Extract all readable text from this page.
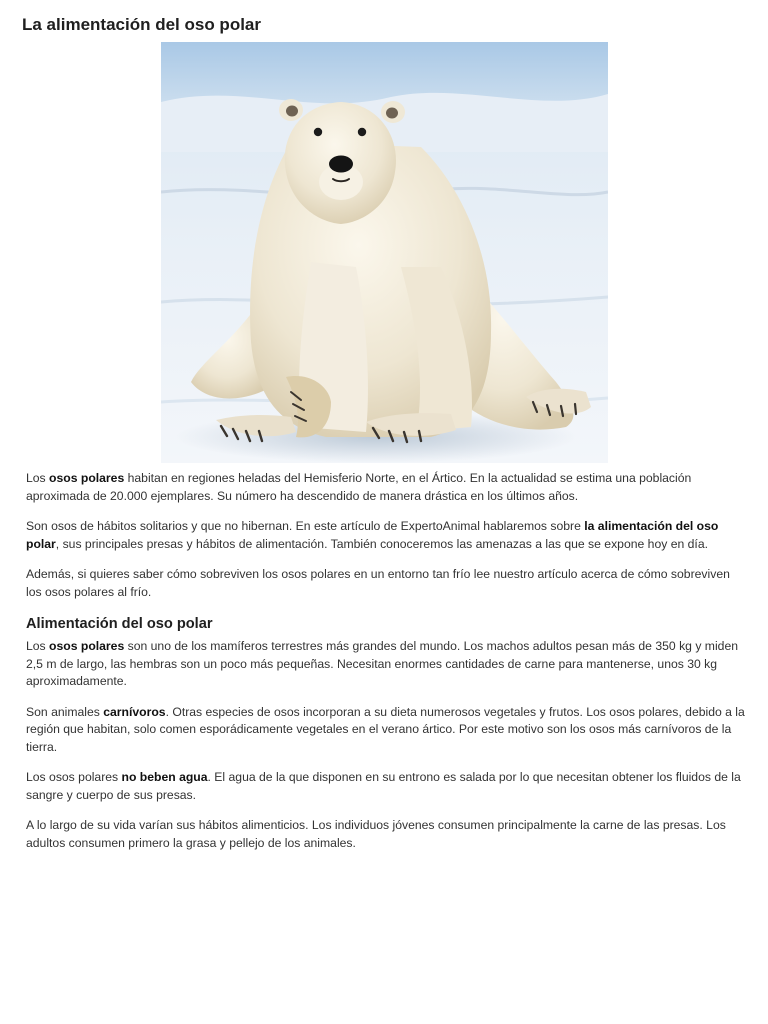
La alimentación del oso polar

Los osos polares habitan en regiones heladas del Hemisferio Norte, en el Ártico. En la actualidad se estima una población aproximada de 20.000 ejemplares. Su número ha descendido de manera drástica en los últimos años.

Son osos de hábitos solitarios y que no hibernan. En este artículo de ExpertoAnimal hablaremos sobre la alimentación del oso polar, sus principales presas y hábitos de alimentación. También conoceremos las amenazas a las que se expone hoy en día.

Además, si quieres saber cómo sobreviven los osos polares en un entorno tan frío lee nuestro artículo acerca de cómo sobreviven los osos polares al frío.

Alimentación del oso polar

Los osos polares son uno de los mamíferos terrestres más grandes del mundo. Los machos adultos pesan más de 350 kg y miden 2,5 m de largo, las hembras son un poco más pequeñas. Necesitan enormes cantidades de carne para mantenerse, unos 30 kg aproximadamente.

Son animales carnívoros. Otras especies de osos incorporan a su dieta numerosos vegetales y frutos. Los osos polares, debido a la región que habitan, solo comen esporádicamente vegetales en el verano ártico. Por este motivo son los osos más carnívoros de la tierra.

Los osos polares no beben agua. El agua de la que disponen en su entrono es salada por lo que necesitan obtener los fluidos de la sangre y cuerpo de sus presas.

A lo largo de su vida varían sus hábitos alimenticios. Los individuos jóvenes consumen principalmente la carne de las presas. Los adultos consumen primero la grasa y pellejo de los animales.
